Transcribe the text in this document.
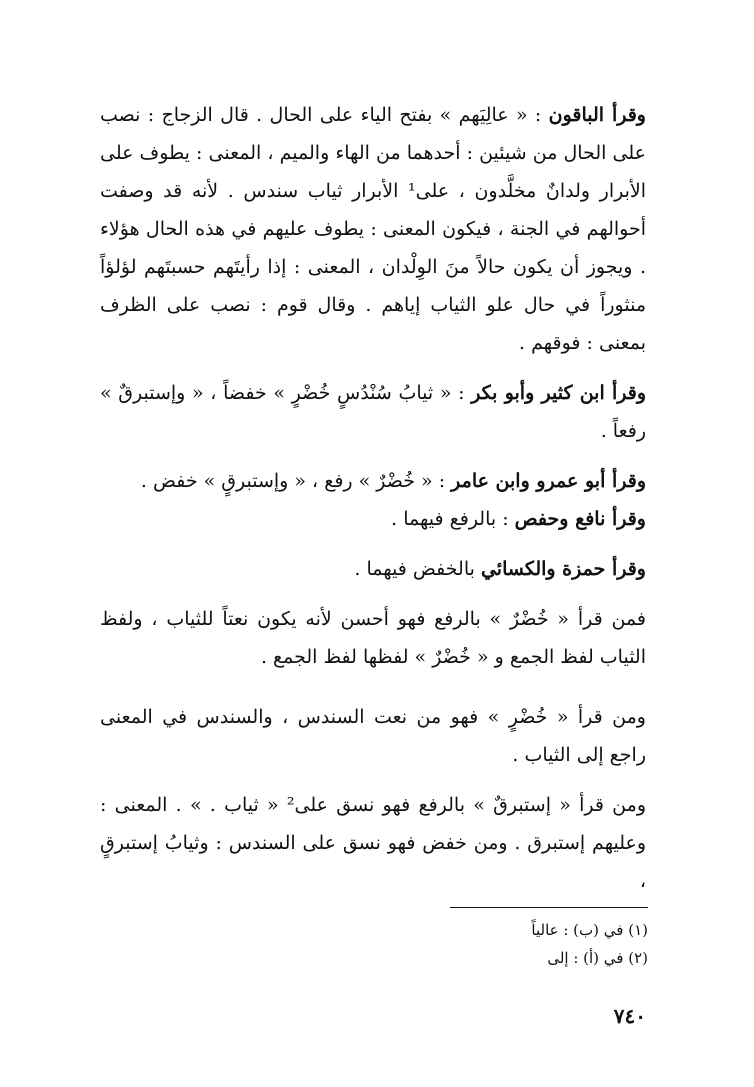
وقرأ الباقون : « عالِيَهم » بفتح الياء على الحال . قال الزجاج : نصب على الحال من شيئين : أحدهما من الهاء والميم ، المعنى : يطوف على الأبرار ولدانٌ مخلَّدون ، على¹ الأبرار ثياب سندس . لأنه قد وصفت أحوالهم في الجنة ، فيكون المعنى : يطوف عليهم في هذه الحال هؤلاء . ويجوز أن يكون حالاً منَ الوِلْدان ، المعنى : إذا رأيتَهم حسبتَهم لؤلؤاً منثوراً في حال علو الثياب إياهم . وقال قوم : نصب على الظرف بمعنى : فوقهم .

وقرأ ابن كثير وأبو بكر : « ثيابُ سُنْدُسٍ خُضْرٍ » خفضاً ، « وإستبرقٌ » رفعاً .

وقرأ أبو عمرو وابن عامر : « خُضْرٌ » رفع ، « وإستبرقٍ » خفض .

وقرأ نافع وحفص : بالرفع فيهما .

وقرأ حمزة والكسائي بالخفض فيهما .

فمن قرأ « خُضْرٌ » بالرفع فهو أحسن لأنه يكون نعتاً للثياب ، ولفظ الثياب لفظ الجمع و « خُضْرٌ » لفظها لفظ الجمع .

ومن قرأ « خُضْرٍ » فهو من نعت السندس ، والسندس في المعنى راجع إلى الثياب .

ومن قرأ « إستبرقٌ » بالرفع فهو نسق على² « ثياب . » . المعنى : وعليهم إستبرق . ومن خفض فهو نسق على السندس : وثيابُ إستبرقٍ ،

(١) في (ب) : عالياً
(٢) في (أ) : إلى
٧٤٠
